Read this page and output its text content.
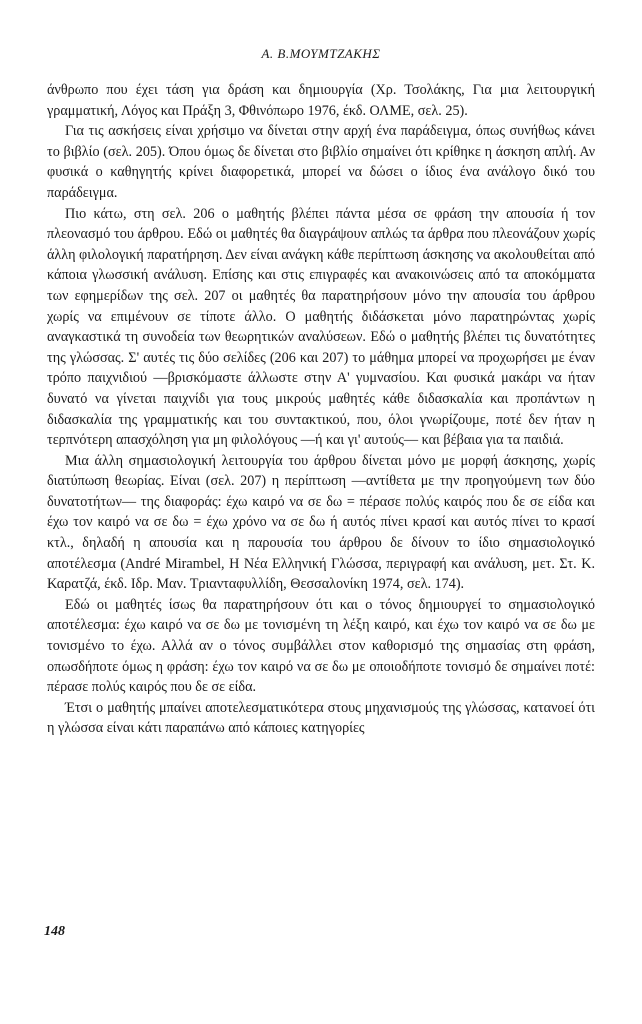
Α. Β.ΜΟΥΜΤΖΑΚΗΣ

άνθρωπο που έχει τάση για δράση και δημιουργία (Χρ. Τσολάκης, Για μια λειτουργική γραμματική, Λόγος και Πράξη 3, Φθινόπωρο 1976, έκδ. ΟΛΜΕ, σελ. 25).

Για τις ασκήσεις είναι χρήσιμο να δίνεται στην αρχή ένα παράδειγμα, όπως συνήθως κάνει το βιβλίο (σελ. 205). Όπου όμως δε δίνεται στο βιβλίο σημαίνει ότι κρίθηκε η άσκηση απλή. Αν φυσικά ο καθηγητής κρίνει διαφορετικά, μπορεί να δώσει ο ίδιος ένα ανάλογο δικό του παράδειγμα.

Πιο κάτω, στη σελ. 206 ο μαθητής βλέπει πάντα μέσα σε φράση την απουσία ή τον πλεονασμό του άρθρου. Εδώ οι μαθητές θα διαγράψουν απλώς τα άρθρα που πλεονάζουν χωρίς άλλη φιλολογική παρατήρηση. Δεν είναι ανάγκη κάθε περίπτωση άσκησης να ακολουθείται από κάποια γλωσσική ανάλυση. Επίσης και στις επιγραφές και ανακοινώσεις από τα αποκόμματα των εφημερίδων της σελ. 207 οι μαθητές θα παρατηρήσουν μόνο την απουσία του άρθρου χωρίς να επιμένουν σε τίποτε άλλο. Ο μαθητής διδάσκεται μόνο παρατηρώντας χωρίς αναγκαστικά τη συνοδεία των θεωρητικών αναλύσεων. Εδώ ο μαθητής βλέπει τις δυνατότητες της γλώσσας. Σ' αυτές τις δύο σελίδες (206 και 207) το μάθημα μπορεί να προχωρήσει με έναν τρόπο παιχνιδιού —βρισκόμαστε άλλωστε στην Α' γυμνασίου. Και φυσικά μακάρι να ήταν δυνατό να γίνεται παιχνίδι για τους μικρούς μαθητές κάθε διδασκαλία και προπάντων η διδασκαλία της γραμματικής και του συντακτικού, που, όλοι γνωρίζουμε, ποτέ δεν ήταν η τερπνότερη απασχόληση για μη φιλολόγους —ή και γι' αυτούς— και βέβαια για τα παιδιά.

Μια άλλη σημασιολογική λειτουργία του άρθρου δίνεται μόνο με μορφή άσκησης, χωρίς διατύπωση θεωρίας. Είναι (σελ. 207) η περίπτωση —αντίθετα με την προηγούμενη των δύο δυνατοτήτων— της διαφοράς: έχω καιρό να σε δω = πέρασε πολύς καιρός που δε σε είδα και έχω τον καιρό να σε δω = έχω χρόνο να σε δω ή αυτός πίνει κρασί και αυτός πίνει το κρασί κτλ., δηλαδή η απουσία και η παρουσία του άρθρου δε δίνουν το ίδιο σημασιολογικό αποτέλεσμα (André Mirambel, Η Νέα Ελληνική Γλώσσα, περιγραφή και ανάλυση, μετ. Στ. Κ. Καρατζά, έκδ. Ιδρ. Μαν. Τριανταφυλλίδη, Θεσσαλονίκη 1974, σελ. 174).

Εδώ οι μαθητές ίσως θα παρατηρήσουν ότι και ο τόνος δημιουργεί το σημασιολογικό αποτέλεσμα: έχω καιρό να σε δω με τονισμένη τη λέξη καιρό, και έχω τον καιρό να σε δω με τονισμένο το έχω. Αλλά αν ο τόνος συμβάλλει στον καθορισμό της σημασίας στη φράση, οπωσδήποτε όμως η φράση: έχω τον καιρό να σε δω με οποιοδήποτε τονισμό δε σημαίνει ποτέ: πέρασε πολύς καιρός που δε σε είδα.

Έτσι ο μαθητής μπαίνει αποτελεσματικότερα στους μηχανισμούς της γλώσσας, κατανοεί ότι η γλώσσα είναι κάτι παραπάνω από κάποιες κατηγορίες

148
